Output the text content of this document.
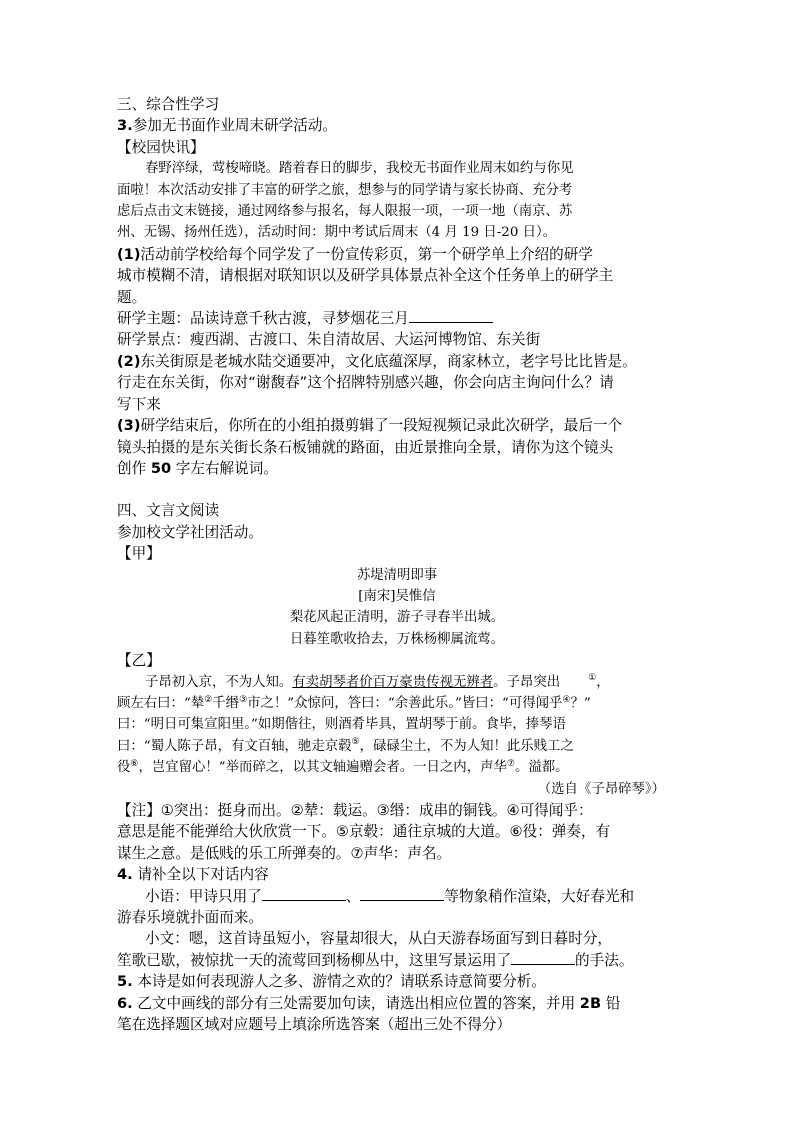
三、综合性学习

3.参加无书面作业周末研学活动。

【校园快讯】

春野淬绿，莺梭啼晓。踏着春日的脚步，我校无书面作业周末如约与你见

面啦！本次活动安排了丰富的研学之旅，想参与的同学请与家长协商、充分考

虑后点击文末链接，通过网络参与报名，每人限报一项，一项一地（南京、苏

州、无锡、扬州任选），活动时间：期中考试后周末（4 月 19 日-20 日）。

(1)活动前学校给每个同学发了一份宣传彩页，第一个研学单上介绍的研学

城市模糊不清，请根据对联知识以及研学具体景点补全这个任务单上的研学主

题。

研学主题：品读诗意千秋古渡，寻梦烟花三月

研学景点：瘦西湖、古渡口、朱自清故居、大运河博物馆、东关街

(2)东关街原是老城水陆交通要冲，文化底蕴深厚，商家林立，老字号比比皆是。

行走在东关街，你对“谢馥春”这个招牌特别感兴趣，你会向店主询问什么？请

写下来

(3)研学结束后，你所在的小组拍摄剪辑了一段短视频记录此次研学，最后一个

镜头拍摄的是东关街长条石板铺就的路面，由近景推向全景，请你为这个镜头

创作 50 字左右解说词。

四、文言文阅读

参加校文学社团活动。

【甲】

苏堤清明即事

[南宋]吴惟信

梨花风起正清明，游子寻春半出城。

日暮笙歌收拾去，万株杨柳属流莺。

【乙】

子昂初入京，不为人知。有卖胡琴者价百万豪贵传视无辨者。子昂突出	①，

顾左右曰：“辇②千缗③市之！”众惊问，答曰：“余善此乐。”皆曰：“可得闻乎④？”

曰：“明日可集宣阳里。”如期偕往，则酒肴毕具，置胡琴于前。食毕，捧琴语

曰：“蜀人陈子昂，有文百轴，驰走京毂⑤，碌碌尘土，不为人知！此乐贱工之

役⑥，岂宜留心！”举而碎之，以其文轴遍赠会者。一日之内，声华⑦。溢都。

（选自《子昂碎琴》）

【注】①突出：挺身而出。②辇：载运。③缗：成串的铜钱。④可得闻乎：

意思是能不能弹给大伙欣赏一下。⑤京毂：通往京城的大道。⑥役：弹奏，有

谋生之意。是低贱的乐工所弹奏的。⑦声华：声名。

4. 请补全以下对话内容

小语：甲诗只用了	、	等物象稍作渲染，大好春光和

游春乐境就扑面而来。

小文：嗯，这首诗虽短小，容量却很大，从白天游春场面写到日暮时分，

笙歌已歇，被惊扰一天的流莺回到杨柳丛中，这里写景运用了	的手法。

5. 本诗是如何表现游人之多、游情之欢的？请联系诗意简要分析。

6. 乙文中画线的部分有三处需要加句读，请选出相应位置的答案，并用 2B 铅

笔在选择题区域对应题号上填涂所选答案（超出三处不得分）
